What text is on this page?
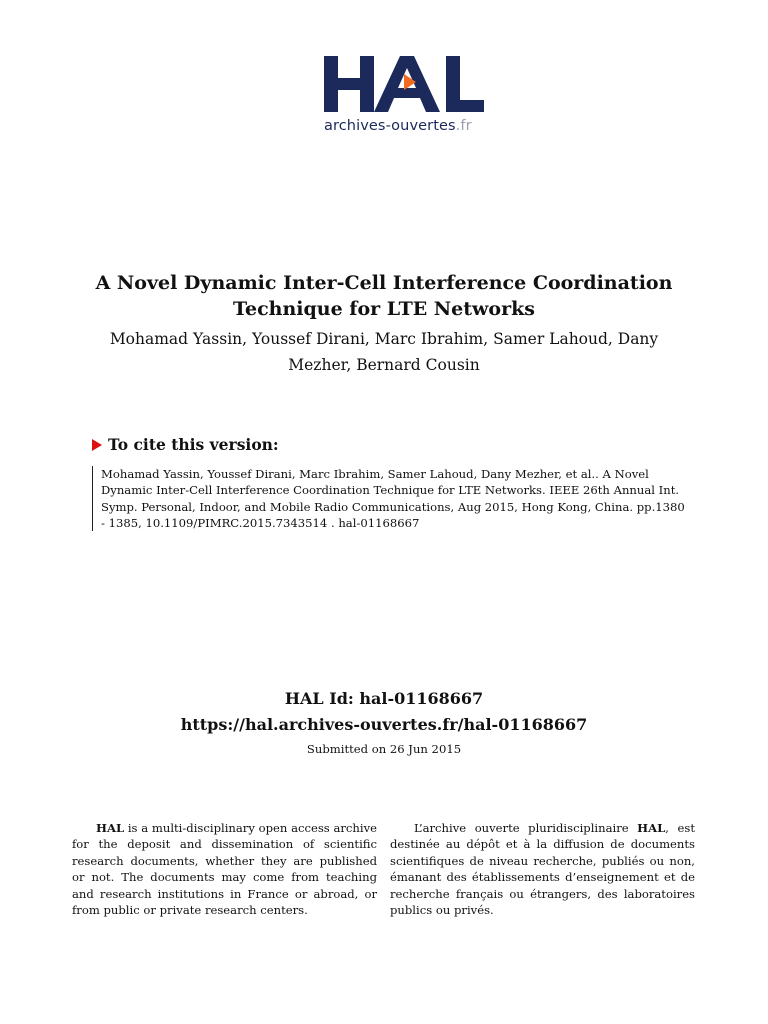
archives-ouvertes.fr
A Novel Dynamic Inter-Cell Interference Coordination
Technique for LTE Networks
Mohamad Yassin, Youssef Dirani, Marc Ibrahim, Samer Lahoud, Dany
Mezher, Bernard Cousin
To cite this version:
Mohamad Yassin, Youssef Dirani, Marc Ibrahim, Samer Lahoud, Dany Mezher, et al.. A Novel
Dynamic Inter-Cell Interference Coordination Technique for LTE Networks. IEEE 26th Annual Int.
Symp. Personal, Indoor, and Mobile Radio Communications, Aug 2015, Hong Kong, China. pp.1380
- 1385, 10.1109/PIMRC.2015.7343514 . hal-01168667
HAL Id: hal-01168667
https://hal.archives-ouvertes.fr/hal-01168667
Submitted on 26 Jun 2015

HAL is a multi-disciplinary open access archive for the deposit and dissemination of scientific research documents, whether they are published or not. The documents may come from teaching and research institutions in France or abroad, or from public or private research centers.

L’archive ouverte pluridisciplinaire HAL, est destinée au dépôt et à la diffusion de documents scientifiques de niveau recherche, publiés ou non, émanant des établissements d’enseignement et de recherche français ou étrangers, des laboratoires publics ou privés.
